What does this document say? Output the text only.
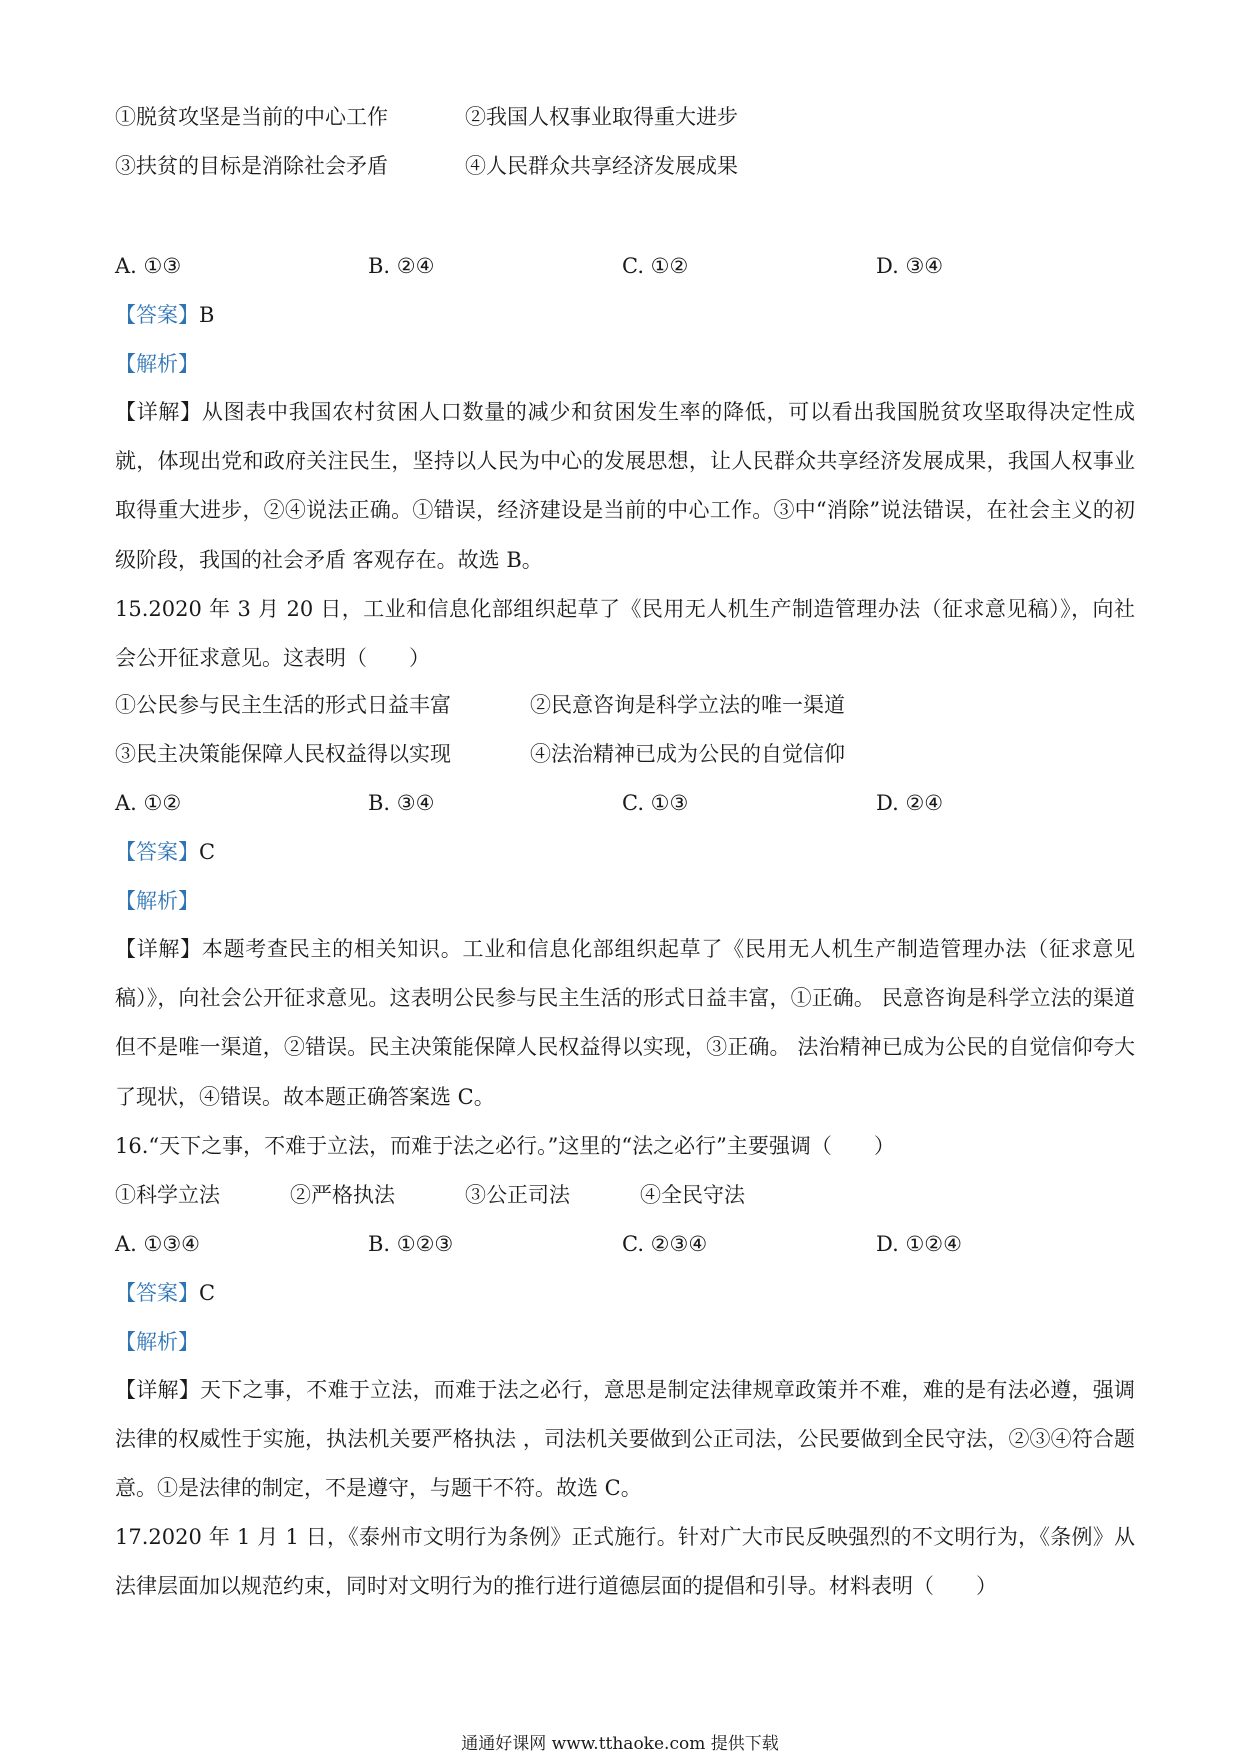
①脱贫攻坚是当前的中心工作	②我国人权事业取得重大进步
③扶贫的目标是消除社会矛盾	④人民群众共享经济发展成果
A. ①③	B. ②④	C. ①②	D. ③④
【答案】B
【解析】
【详解】从图表中我国农村贫困人口数量的减少和贫困发生率的降低，可以看出我国脱贫攻坚取得决定性成就，体现出党和政府关注民生，坚持以人民为中心的发展思想，让人民群众共享经济发展成果，我国人权事业取得重大进步，②④说法正确。①错误，经济建设是当前的中心工作。③中“消除”说法错误，在社会主义的初级阶段，我国的社会矛盾 客观存在。故选 B。
15.2020 年 3 月 20 日，工业和信息化部组织起草了《民用无人机生产制造管理办法（征求意见稿）》，向社会公开征求意见。这表明（　　）
①公民参与民主生活的形式日益丰富	②民意咨询是科学立法的唯一渠道
③民主决策能保障人民权益得以实现	④法治精神已成为公民的自觉信仰
A. ①②	B. ③④	C. ①③	D. ②④
【答案】C
【解析】
【详解】本题考查民主的相关知识。工业和信息化部组织起草了《民用无人机生产制造管理办法（征求意见稿）》，向社会公开征求意见。这表明公民参与民主生活的形式日益丰富，①正确。 民意咨询是科学立法的渠道但不是唯一渠道，②错误。民主决策能保障人民权益得以实现，③正确。 法治精神已成为公民的自觉信仰夸大了现状，④错误。故本题正确答案选 C。
16.“天下之事，不难于立法，而难于法之必行。”这里的“法之必行”主要强调（　　）
①科学立法	②严格执法	③公正司法	④全民守法
A. ①③④	B. ①②③	C. ②③④	D. ①②④
【答案】C
【解析】
【详解】天下之事，不难于立法，而难于法之必行，意思是制定法律规章政策并不难，难的是有法必遵，强调法律的权威性于实施，执法机关要严格执法 ，司法机关要做到公正司法，公民要做到全民守法，②③④符合题意。①是法律的制定，不是遵守，与题干不符。故选 C。
17.2020 年 1 月 1 日，《泰州市文明行为条例》正式施行。针对广大市民反映强烈的不文明行为，《条例》从法律层面加以规范约束，同时对文明行为的推行进行道德层面的提倡和引导。材料表明（　　）
通通好课网 www.tthaoke.com 提供下载
